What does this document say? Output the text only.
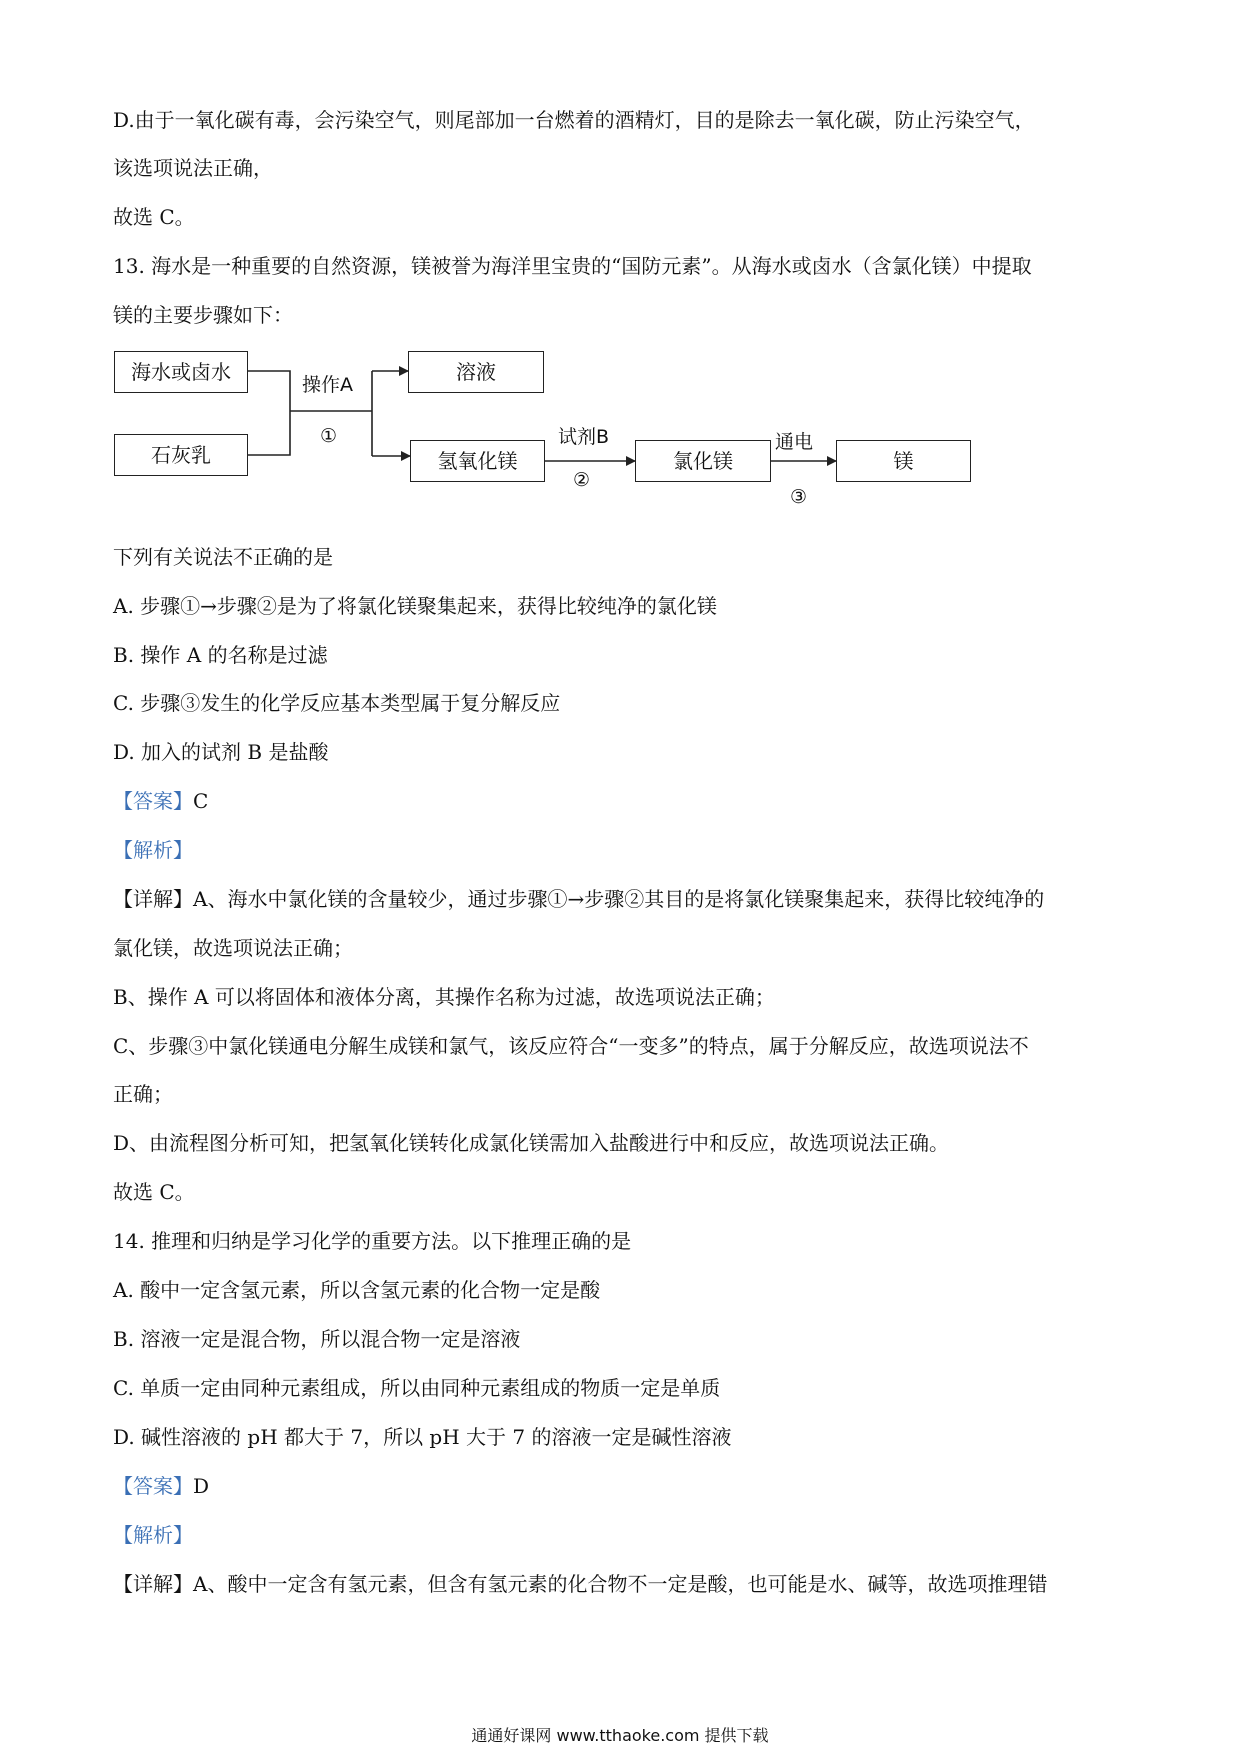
D.由于一氧化碳有毒，会污染空气，则尾部加一台燃着的酒精灯，目的是除去一氧化碳，防止污染空气，
该选项说法正确，
故选 C。
13. 海水是一种重要的自然资源，镁被誉为海洋里宝贵的“国防元素”。从海水或卤水（含氯化镁）中提取
镁的主要步骤如下：
海水或卤水
石灰乳
溶液
氢氧化镁	氯化镁	镁
操作A
①	试剂B
②
通电
③
下列有关说法不正确的是
A. 步骤①→步骤②是为了将氯化镁聚集起来，获得比较纯净的氯化镁
B. 操作 A 的名称是过滤
C. 步骤③发生的化学反应基本类型属于复分解反应
D. 加入的试剂 B 是盐酸
【答案】C
【解析】
【详解】A、海水中氯化镁的含量较少，通过步骤①→步骤②其目的是将氯化镁聚集起来，获得比较纯净的
氯化镁，故选项说法正确；
B、操作 A 可以将固体和液体分离，其操作名称为过滤，故选项说法正确；
C、步骤③中氯化镁通电分解生成镁和氯气，该反应符合“一变多”的特点，属于分解反应，故选项说法不
正确；
D、由流程图分析可知，把氢氧化镁转化成氯化镁需加入盐酸进行中和反应，故选项说法正确。
故选 C。
14. 推理和归纳是学习化学的重要方法。以下推理正确的是
A. 酸中一定含氢元素，所以含氢元素的化合物一定是酸
B. 溶液一定是混合物，所以混合物一定是溶液
C. 单质一定由同种元素组成，所以由同种元素组成的物质一定是单质
D. 碱性溶液的 pH 都大于 7，所以 pH 大于 7 的溶液一定是碱性溶液
【答案】D
【解析】
【详解】A、酸中一定含有氢元素，但含有氢元素的化合物不一定是酸，也可能是水、碱等，故选项推理错
通通好课网 www.tthaoke.com 提供下载
